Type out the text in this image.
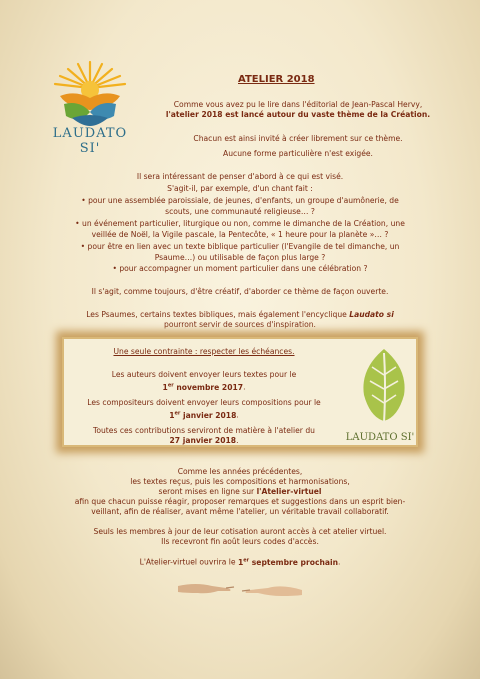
LAUDATO SI'
ATELIER 2018
Comme vous avez pu le lire dans l'éditorial de Jean-Pascal Hervy,
l'atelier 2018 est lancé autour du vaste thème de la Création.
Chacun est ainsi invité à créer librement sur ce thème.
Aucune forme particulière n'est exigée.
Il sera intéressant de penser d'abord à ce qui est visé.
S'agit-il, par exemple, d'un chant fait :
• pour une assemblée paroissiale, de jeunes, d'enfants, un groupe d'aumônerie, de
scouts, une communauté religieuse… ?
• un événement particulier, liturgique ou non, comme le dimanche de la Création, une
veillée de Noël, la Vigile pascale, la Pentecôte, « 1 heure pour la planète »… ?
• pour être en lien avec un texte biblique particulier (l'Evangile de tel dimanche, un
Psaume…) ou utilisable de façon plus large ?
• pour accompagner un moment particulier dans une célébration ?
Il s'agit, comme toujours, d'être créatif, d'aborder ce thème de façon ouverte.
Les Psaumes, certains textes bibliques, mais également l'encyclique Laudato si
pourront servir de sources d'inspiration.
Une seule contrainte : respecter les échéances.
Les auteurs doivent envoyer leurs textes pour le
1er novembre 2017.
Les compositeurs doivent envoyer leurs compositions pour le
1er janvier 2018.
Toutes ces contributions serviront de matière à l'atelier du
27 janvier 2018.	LAUDATO SI'
Comme les années précédentes,
les textes reçus, puis les compositions et harmonisations,
seront mises en ligne sur l'Atelier-virtuel
afin que chacun puisse réagir, proposer remarques et suggestions dans un esprit bien-
veillant, afin de réaliser, avant même l'atelier, un véritable travail collaboratif.
Seuls les membres à jour de leur cotisation auront accès à cet atelier virtuel.
Ils recevront fin août leurs codes d'accès.
L'Atelier-virtuel ouvrira le 1er septembre prochain.
